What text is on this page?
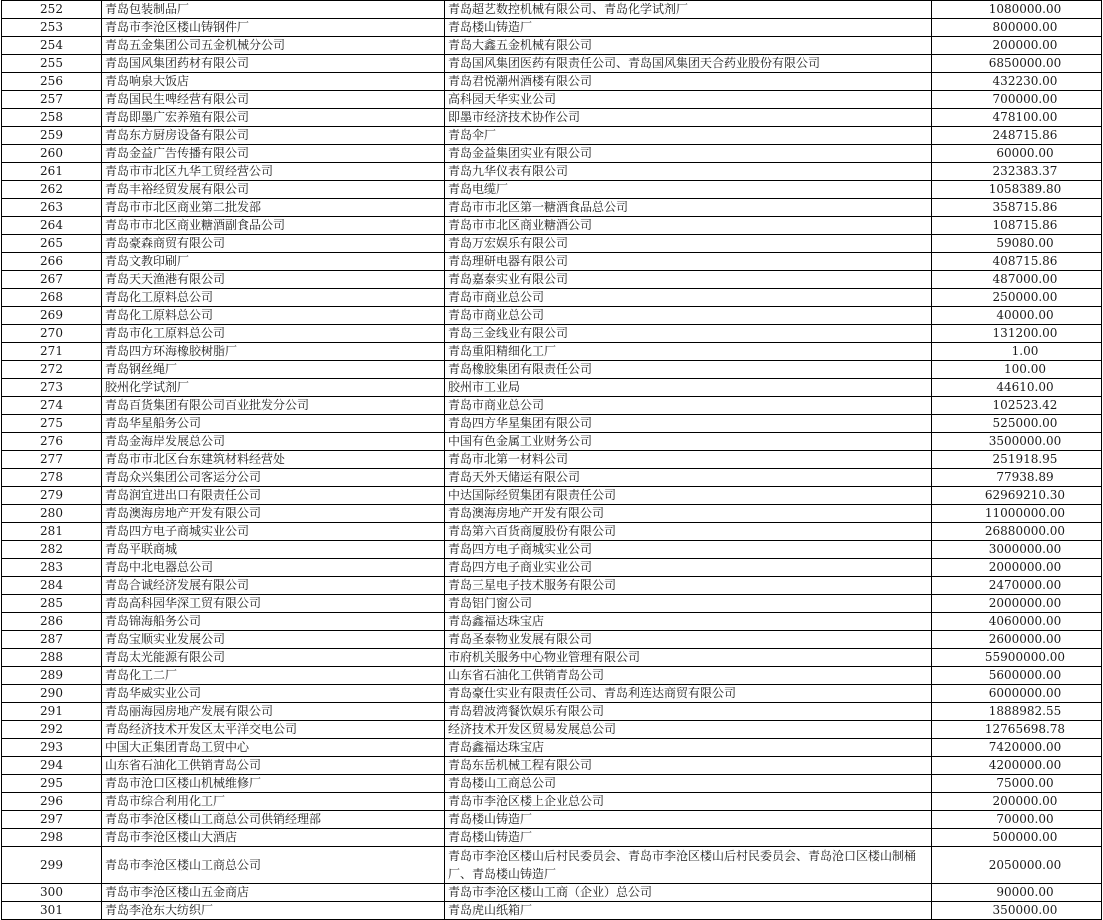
252	青岛包装制品厂	青岛超艺数控机械有限公司、青岛化学试剂厂	1080000.00
253	青岛市李沧区楼山铸钢件厂	青岛楼山铸造厂	800000.00
254	青岛五金集团公司五金机械分公司	青岛大鑫五金机械有限公司	200000.00
255	青岛国风集团药材有限公司	青岛国风集团医药有限责任公司、青岛国风集团天合药业股份有限公司	6850000.00
256	青岛响泉大饭店	青岛君悦潮州酒楼有限公司	432230.00
257	青岛国民生啤经营有限公司	高科园天华实业公司	700000.00
258	青岛即墨广宏养殖有限公司	即墨市经济技术协作公司	478100.00
259	青岛东方厨房设备有限公司	青岛伞厂	248715.86
260	青岛金益广告传播有限公司	青岛金益集团实业有限公司	60000.00
261	青岛市市北区九华工贸经营公司	青岛九华仪表有限公司	232383.37
262	青岛丰裕经贸发展有限公司	青岛电缆厂	1058389.80
263	青岛市市北区商业第二批发部	青岛市市北区第一糖酒食品总公司	358715.86
264	青岛市市北区商业糖酒副食品公司	青岛市市北区商业糖酒公司	108715.86
265	青岛豪森商贸有限公司	青岛万宏娱乐有限公司	59080.00
266	青岛文教印刷厂	青岛理研电器有限公司	408715.86
267	青岛天天渔港有限公司	青岛嘉泰实业有限公司	487000.00
268	青岛化工原料总公司	青岛市商业总公司	250000.00
269	青岛化工原料总公司	青岛市商业总公司	40000.00
270	青岛市化工原料总公司	青岛三金线业有限公司	131200.00
271	青岛四方环海橡胶树脂厂	青岛重阳精细化工厂	1.00
272	青岛钢丝绳厂	青岛橡胶集团有限责任公司	100.00
273	胶州化学试剂厂	胶州市工业局	44610.00
274	青岛百货集团有限公司百业批发分公司	青岛市商业总公司	102523.42
275	青岛华星船务公司	青岛四方华星集团有限公司	525000.00
276	青岛金海岸发展总公司	中国有色金属工业财务公司	3500000.00
277	青岛市市北区台东建筑材料经营处	青岛市北第一材料公司	251918.95
278	青岛众兴集团公司客运分公司	青岛天外天储运有限公司	77938.89
279	青岛润宜进出口有限责任公司	中达国际经贸集团有限责任公司	62969210.30
280	青岛澳海房地产开发有限公司	青岛澳海房地产开发有限公司	11000000.00
281	青岛四方电子商城实业公司	青岛第六百货商厦股份有限公司	26880000.00
282	青岛平联商城	青岛四方电子商城实业公司	3000000.00
283	青岛中北电器总公司	青岛四方电子商业实业公司	2000000.00
284	青岛合诚经济发展有限公司	青岛三星电子技术服务有限公司	2470000.00
285	青岛高科园华深工贸有限公司	青岛铝门窗公司	2000000.00
286	青岛锦海船务公司	青岛鑫福达珠宝店	4060000.00
287	青岛宝顺实业发展公司	青岛圣泰物业发展有限公司	2600000.00
288	青岛太光能源有限公司	市府机关服务中心物业管理有限公司	55900000.00
289	青岛化工二厂	山东省石油化工供销青岛公司	5600000.00
290	青岛华威实业公司	青岛豪仕实业有限责任公司、青岛利连达商贸有限公司	6000000.00
291	青岛丽海园房地产发展有限公司	青岛碧波湾餐饮娱乐有限公司	1888982.55
292	青岛经济技术开发区太平洋交电公司	经济技术开发区贸易发展总公司	12765698.78
293	中国大正集团青岛工贸中心	青岛鑫福达珠宝店	7420000.00
294	山东省石油化工供销青岛公司	青岛东岳机械工程有限公司	4200000.00
295	青岛市沧口区楼山机械维修厂	青岛楼山工商总公司	75000.00
296	青岛市综合利用化工厂	青岛市李沧区楼上企业总公司	200000.00
297	青岛市李沧区楼山工商总公司供销经理部	青岛楼山铸造厂	70000.00
298	青岛市李沧区楼山大酒店	青岛楼山铸造厂	500000.00
299	青岛市李沧区楼山工商总公司	青岛市李沧区楼山后村民委员会、青岛市李沧区楼山后村民委员会、青岛沧口区楼山制桶厂、青岛楼山铸造厂	2050000.00
300	青岛市李沧区楼山五金商店	青岛市李沧区楼山工商（企业）总公司	90000.00
301	青岛李沧东大纺织厂	青岛虎山纸箱厂	350000.00
